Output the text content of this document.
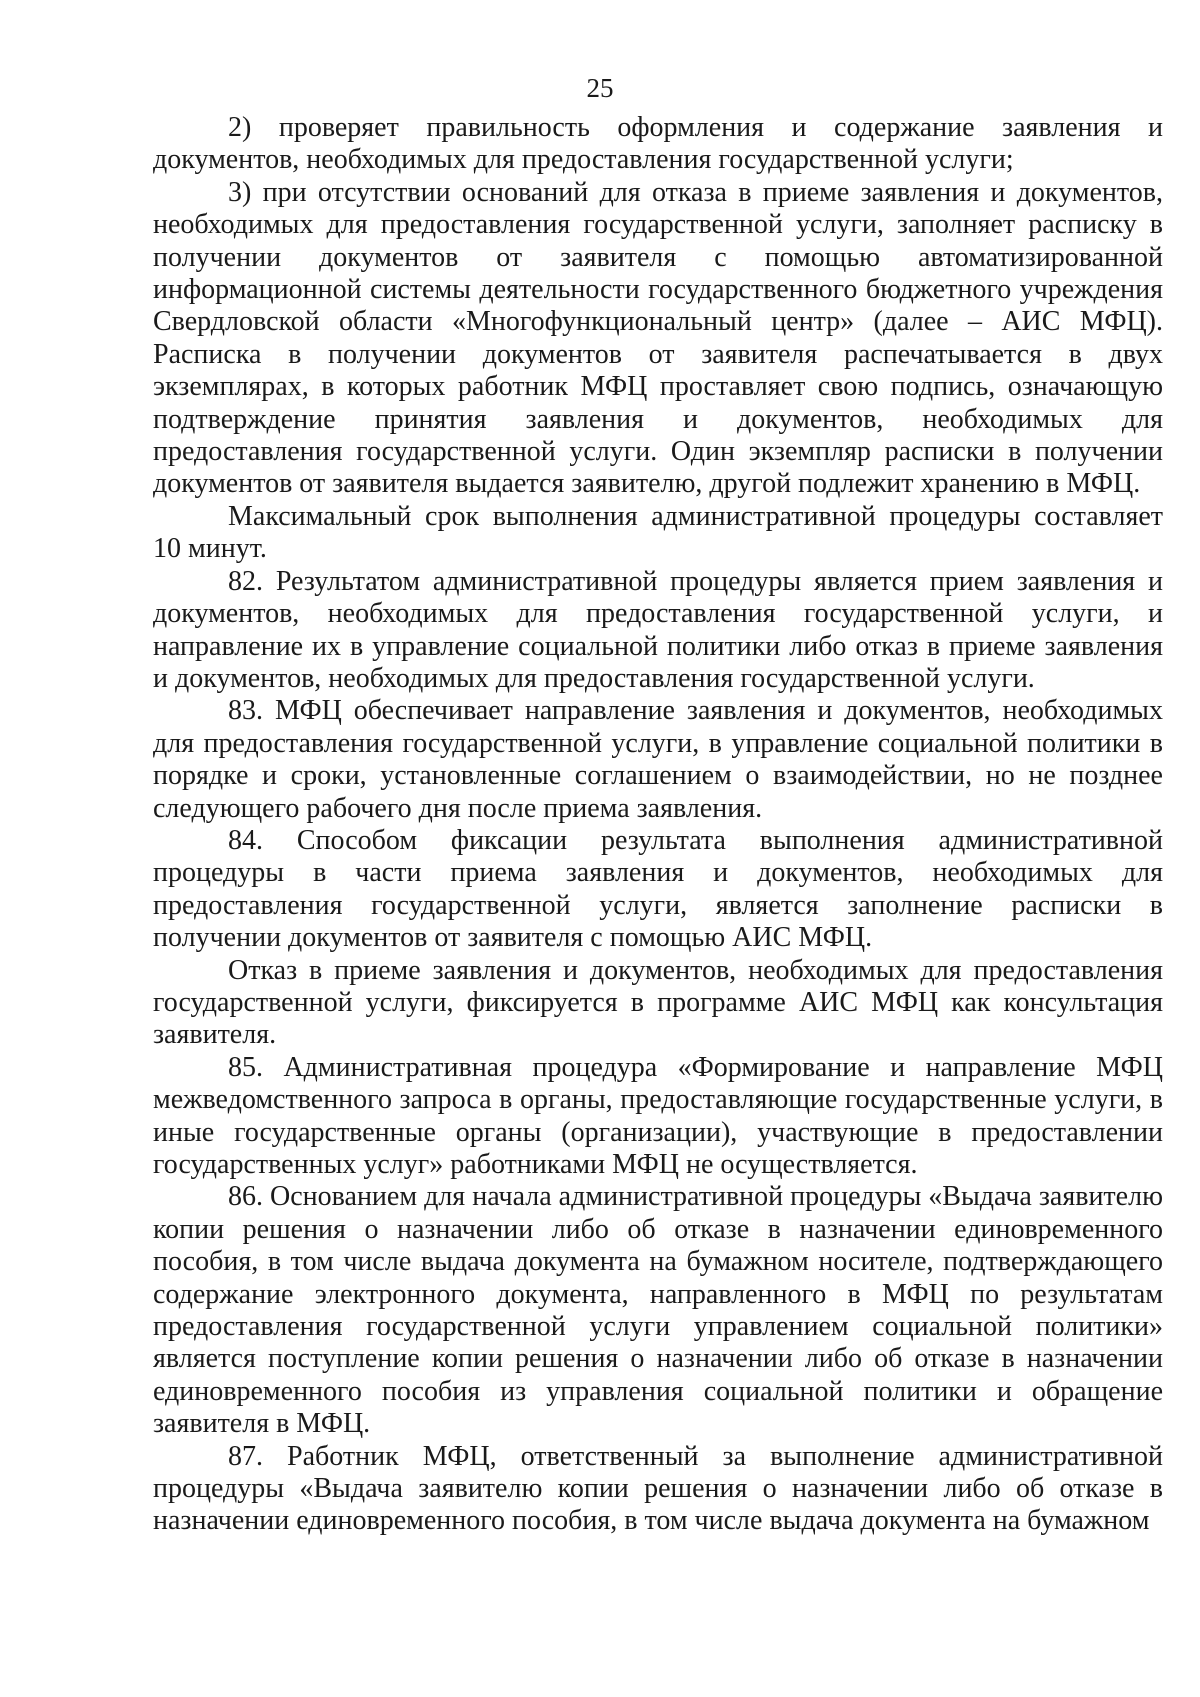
25

2) проверяет правильность оформления и содержание заявления и документов, необходимых для предоставления государственной услуги;

3) при отсутствии оснований для отказа в приеме заявления и документов, необходимых для предоставления государственной услуги, заполняет расписку в получении документов от заявителя с помощью автоматизированной информационной системы деятельности государственного бюджетного учреждения Свердловской области «Многофункциональный центр» (далее – АИС МФЦ). Расписка в получении документов от заявителя распечатывается в двух экземплярах, в которых работник МФЦ проставляет свою подпись, означающую подтверждение принятия заявления и документов, необходимых для предоставления государственной услуги. Один экземпляр расписки в получении документов от заявителя выдается заявителю, другой подлежит хранению в МФЦ.

Максимальный срок выполнения административной процедуры составляет 10 минут.

82. Результатом административной процедуры является прием заявления и документов, необходимых для предоставления государственной услуги, и направление их в управление социальной политики либо отказ в приеме заявления и документов, необходимых для предоставления государственной услуги.

83. МФЦ обеспечивает направление заявления и документов, необходимых для предоставления государственной услуги, в управление социальной политики в порядке и сроки, установленные соглашением о взаимодействии, но не позднее следующего рабочего дня после приема заявления.

84. Способом фиксации результата выполнения административной процедуры в части приема заявления и документов, необходимых для предоставления государственной услуги, является заполнение расписки в получении документов от заявителя с помощью АИС МФЦ.

Отказ в приеме заявления и документов, необходимых для предоставления государственной услуги, фиксируется в программе АИС МФЦ как консультация заявителя.

85. Административная процедура «Формирование и направление МФЦ межведомственного запроса в органы, предоставляющие государственные услуги, в иные государственные органы (организации), участвующие в предоставлении государственных услуг» работниками МФЦ не осуществляется.

86. Основанием для начала административной процедуры «Выдача заявителю копии решения о назначении либо об отказе в назначении единовременного пособия, в том числе выдача документа на бумажном носителе, подтверждающего содержание электронного документа, направленного в МФЦ по результатам предоставления государственной услуги управлением социальной политики» является поступление копии решения о назначении либо об отказе в назначении единовременного пособия из управления социальной политики и обращение заявителя в МФЦ.

87. Работник МФЦ, ответственный за выполнение административной процедуры «Выдача заявителю копии решения о назначении либо об отказе в назначении единовременного пособия, в том числе выдача документа на бумажном
